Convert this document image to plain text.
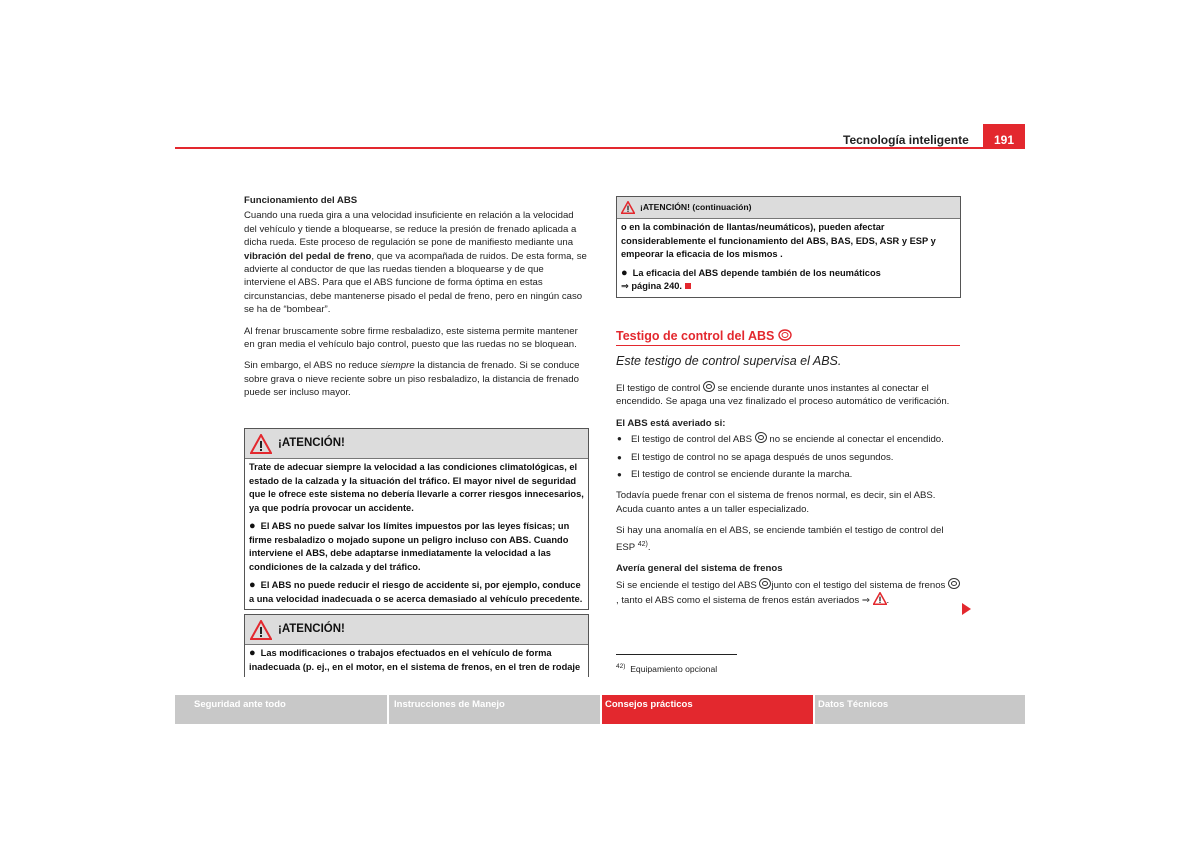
Tecnología inteligente	191
Funcionamiento del ABS

Cuando una rueda gira a una velocidad insuficiente en relación a la velocidad del vehículo y tiende a bloquearse, se reduce la presión de frenado aplicada a dicha rueda. Este proceso de regulación se pone de manifiesto mediante una vibración del pedal de freno, que va acompañada de ruidos. De esta forma, se advierte al conductor de que las ruedas tienden a bloquearse y de que interviene el ABS. Para que el ABS funcione de forma óptima en estas circunstancias, debe mantenerse pisado el pedal de freno, pero en ningún caso se ha de “bombear”.

Al frenar bruscamente sobre firme resbaladizo, este sistema permite mantener en gran media el vehículo bajo control, puesto que las ruedas no se bloquean.

Sin embargo, el ABS no reduce siempre la distancia de frenado. Si se conduce sobre grava o nieve reciente sobre un piso resbaladizo, la distancia de frenado puede ser incluso mayor.

¡ATENCIÓN!

Trate de adecuar siempre la velocidad a las condiciones climatológicas, el estado de la calzada y la situación del tráfico. El mayor nivel de seguridad que le ofrece este sistema no debería llevarle a correr riesgos innecesarios, ya que podría provocar un accidente.

● El ABS no puede salvar los límites impuestos por las leyes físicas; un firme resbaladizo o mojado supone un peligro incluso con ABS. Cuando interviene el ABS, debe adaptarse inmediatamente la velocidad a las condiciones de la calzada y del tráfico.

● El ABS no puede reducir el riesgo de accidente si, por ejemplo, conduce a una velocidad inadecuada o se acerca demasiado al vehículo precedente.

¡ATENCIÓN!

● Las modificaciones o trabajos efectuados en el vehículo de forma inadecuada (p. ej., en el motor, en el sistema de frenos, en el tren de rodaje

¡ATENCIÓN! (continuación)

o en la combinación de llantas/neumáticos), pueden afectar considerablemente el funcionamiento del ABS, BAS, EDS, ASR y ESP y empeorar la eficacia de los mismos .

● La eficacia del ABS depende también de los neumáticos
⇒ página 240.

Testigo de control del ABS
Este testigo de control supervisa el ABS.

El testigo de control  se enciende durante unos instantes al conectar el encendido. Se apaga una vez finalizado el proceso automático de verificación.

El ABS está averiado si:
● El testigo de control del ABS  no se enciende al conectar el encendido.
● El testigo de control no se apaga después de unos segundos.
● El testigo de control se enciende durante la marcha.

Todavía puede frenar con el sistema de frenos normal, es decir, sin el ABS. Acuda cuanto antes a un taller especializado.

Si hay una anomalía en el ABS, se enciende también el testigo de control del ESP $^{42)}$.

Avería general del sistema de frenos

Si se enciende el testigo del ABS junto con el testigo del sistema de frenos , tanto el ABS como el sistema de frenos están averiados ⇒ .

$^{42)}$ Equipamiento opcional
Seguridad ante todo	Instrucciones de Manejo	Consejos prácticos	Datos Técnicos
